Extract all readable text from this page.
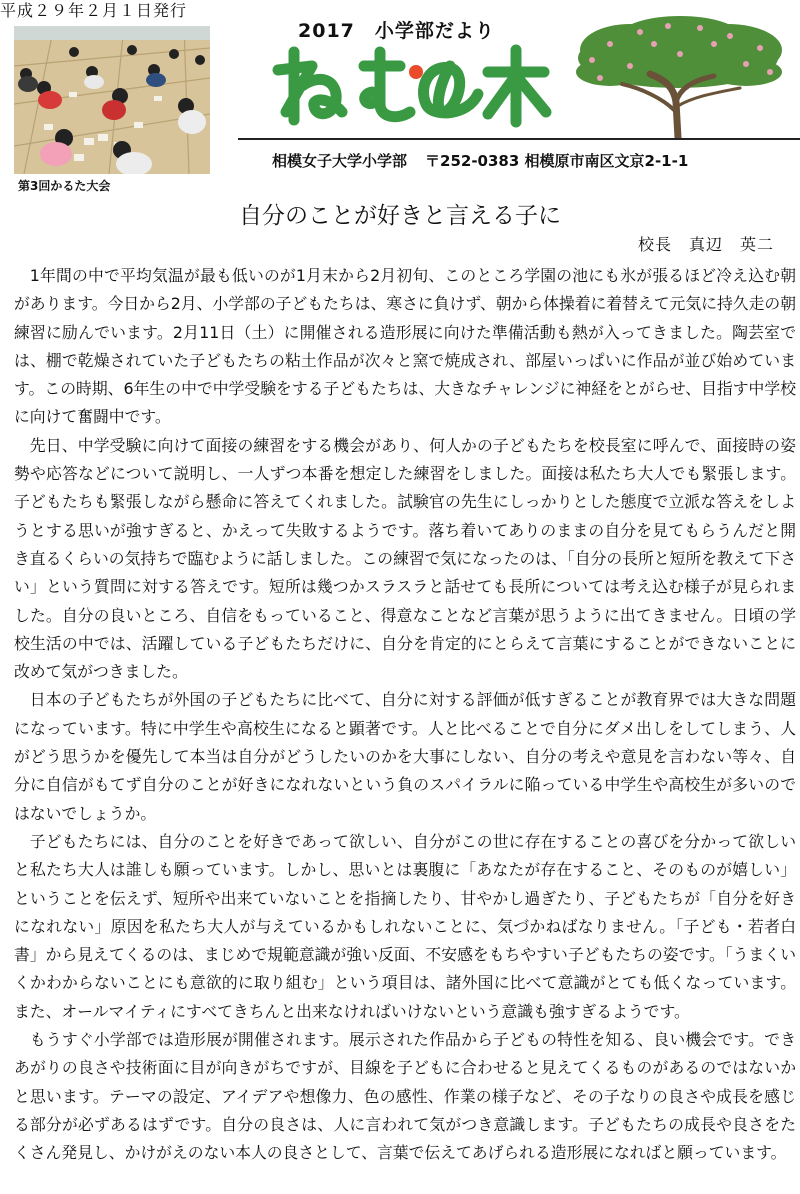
平成２９年２月１日発行
第3回かるた大会
2017　小学部だより
相模女子大学小学部 〒252-0383 相模原市南区文京2-1-1
自分のことが好きと言える子に
校長　真辺　英二

1年間の中で平均気温が最も低いのが1月末から2月初旬、このところ学園の池にも氷が張るほど冷え込む朝があります。今日から2月、小学部の子どもたちは、寒さに負けず、朝から体操着に着替えて元気に持久走の朝練習に励んでいます。2月11日（土）に開催される造形展に向けた準備活動も熱が入ってきました。陶芸室では、棚で乾燥されていた子どもたちの粘土作品が次々と窯で焼成され、部屋いっぱいに作品が並び始めています。この時期、6年生の中で中学受験をする子どもたちは、大きなチャレンジに神経をとがらせ、目指す中学校に向けて奮闘中です。

先日、中学受験に向けて面接の練習をする機会があり、何人かの子どもたちを校長室に呼んで、面接時の姿勢や応答などについて説明し、一人ずつ本番を想定した練習をしました。面接は私たち大人でも緊張します。子どもたちも緊張しながら懸命に答えてくれました。試験官の先生にしっかりとした態度で立派な答えをしようとする思いが強すぎると、かえって失敗するようです。落ち着いてありのままの自分を見てもらうんだと開き直るくらいの気持ちで臨むように話しました。この練習で気になったのは、「自分の長所と短所を教えて下さい」という質問に対する答えです。短所は幾つかスラスラと話せても長所については考え込む様子が見られました。自分の良いところ、自信をもっていること、得意なことなど言葉が思うように出てきません。日頃の学校生活の中では、活躍している子どもたちだけに、自分を肯定的にとらえて言葉にすることができないことに改めて気がつきました。

日本の子どもたちが外国の子どもたちに比べて、自分に対する評価が低すぎることが教育界では大きな問題になっています。特に中学生や高校生になると顕著です。人と比べることで自分にダメ出しをしてしまう、人がどう思うかを優先して本当は自分がどうしたいのかを大事にしない、自分の考えや意見を言わない等々、自分に自信がもてず自分のことが好きになれないという負のスパイラルに陥っている中学生や高校生が多いのではないでしょうか。

子どもたちには、自分のことを好きであって欲しい、自分がこの世に存在することの喜びを分かって欲しいと私たち大人は誰しも願っています。しかし、思いとは裏腹に「あなたが存在すること、そのものが嬉しい」ということを伝えず、短所や出来ていないことを指摘したり、甘やかし過ぎたり、子どもたちが「自分を好きになれない」原因を私たち大人が与えているかもしれないことに、気づかねばなりません。「子ども・若者白書」から見えてくるのは、まじめで規範意識が強い反面、不安感をもちやすい子どもたちの姿です。「うまくいくかわからないことにも意欲的に取り組む」という項目は、諸外国に比べて意識がとても低くなっています。また、オールマイティにすべてきちんと出来なければいけないという意識も強すぎるようです。

もうすぐ小学部では造形展が開催されます。展示された作品から子どもの特性を知る、良い機会です。できあがりの良さや技術面に目が向きがちですが、目線を子どもに合わせると見えてくるものがあるのではないかと思います。テーマの設定、アイデアや想像力、色の感性、作業の様子など、その子なりの良さや成長を感じる部分が必ずあるはずです。自分の良さは、人に言われて気がつき意識します。子どもたちの成長や良さをたくさん発見し、かけがえのない本人の良さとして、言葉で伝えてあげられる造形展になればと願っています。
